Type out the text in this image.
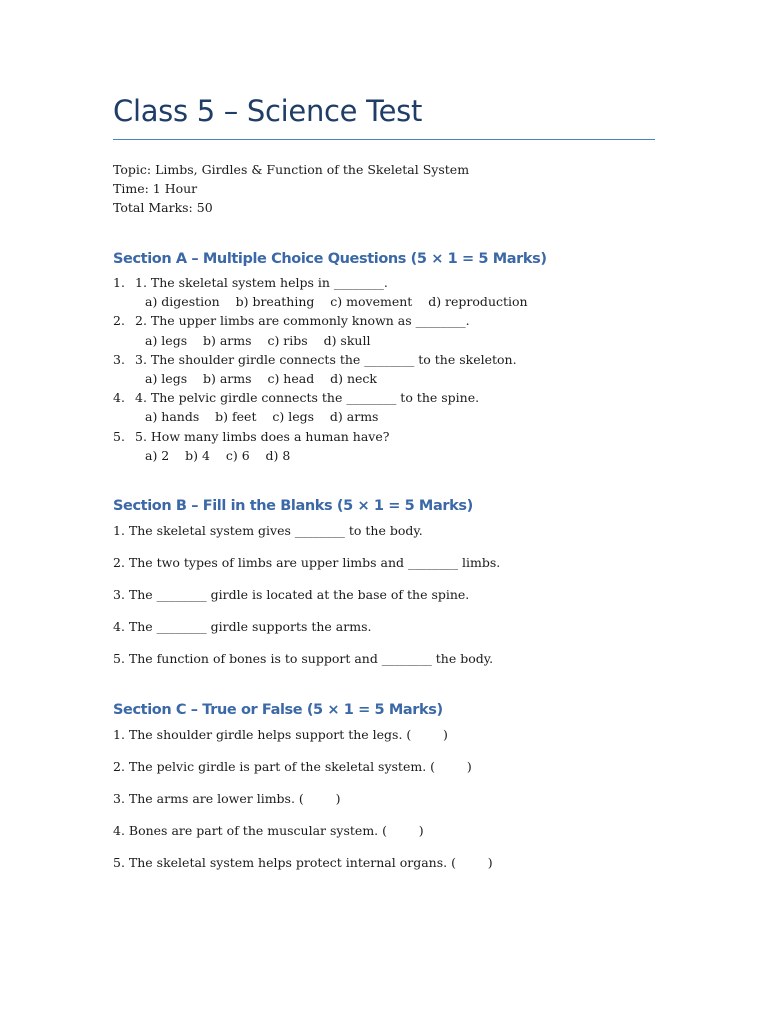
Class 5 – Science Test
Topic: Limbs, Girdles & Function of the Skeletal System
Time: 1 Hour
Total Marks: 50
Section A – Multiple Choice Questions (5 × 1 = 5 Marks)
1. 1. The skeletal system helps in ________.
a) digestion    b) breathing    c) movement    d) reproduction
2. 2. The upper limbs are commonly known as ________.
a) legs    b) arms    c) ribs    d) skull
3. 3. The shoulder girdle connects the ________ to the skeleton.
a) legs    b) arms    c) head    d) neck
4. 4. The pelvic girdle connects the ________ to the spine.
a) hands    b) feet    c) legs    d) arms
5. 5. How many limbs does a human have?
a) 2    b) 4    c) 6    d) 8
Section B – Fill in the Blanks (5 × 1 = 5 Marks)
1. The skeletal system gives ________ to the body.
2. The two types of limbs are upper limbs and ________ limbs.
3. The ________ girdle is located at the base of the spine.
4. The ________ girdle supports the arms.
5. The function of bones is to support and ________ the body.
Section C – True or False (5 × 1 = 5 Marks)
1. The shoulder girdle helps support the legs. (        )
2. The pelvic girdle is part of the skeletal system. (        )
3. The arms are lower limbs. (        )
4. Bones are part of the muscular system. (        )
5. The skeletal system helps protect internal organs. (        )
